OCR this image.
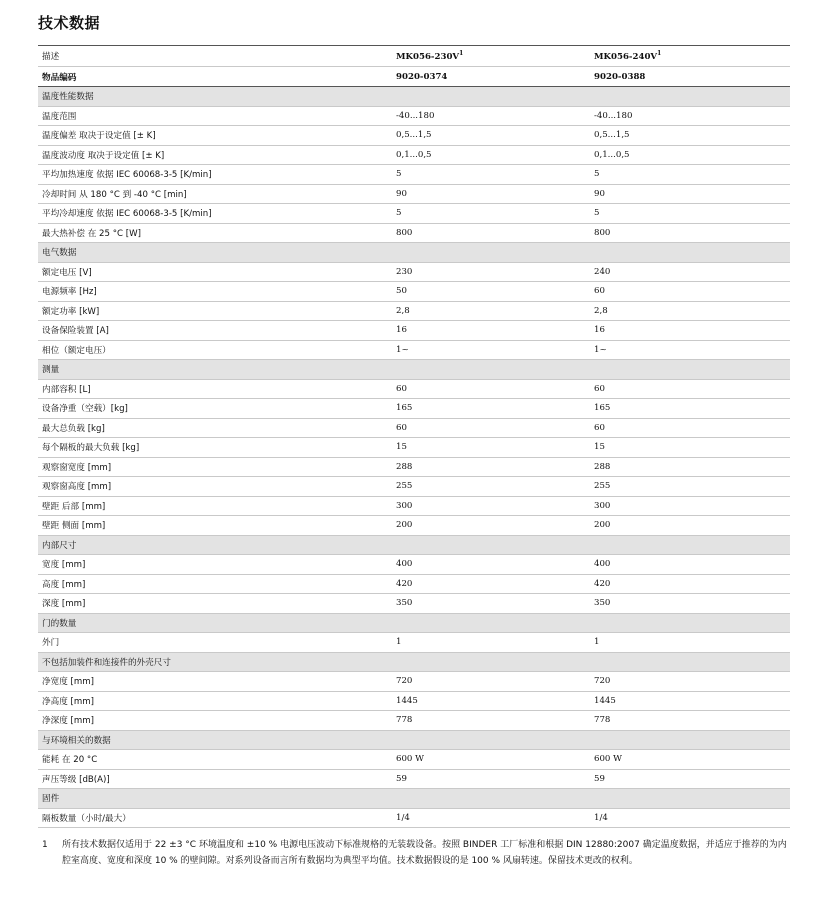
技术数据
描述	$MK056-230V^1$	$MK056-240V^1$
物品编码	9020-0374	9020-0388
温度性能数据
温度范围	-40...180	-40...180
温度偏差 取决于设定值 [± K]	0,5...1,5	0,5...1,5
温度波动度 取决于设定值 [± K]	0,1...0,5	0,1...0,5
平均加热速度 依据 IEC 60068-3-5 [K/min]	5	5
冷却时间 从 180 °C 到 -40 °C [min]	90	90
平均冷却速度 依据 IEC 60068-3-5 [K/min]	5	5
最大热补偿 在 25 °C [W]	800	800
电气数据
额定电压 [V]	230	240
电源频率 [Hz]	50	60
额定功率 [kW]	2,8	2,8
设备保险装置 [A]	16	16
相位（额定电压）	1~	1~
测量
内部容积 [L]	60	60
设备净重（空载）[kg]	165	165
最大总负载 [kg]	60	60
每个隔板的最大负载 [kg]	15	15
观察窗宽度 [mm]	288	288
观察窗高度 [mm]	255	255
壁距 后部 [mm]	300	300
壁距 侧面 [mm]	200	200
内部尺寸
宽度 [mm]	400	400
高度 [mm]	420	420
深度 [mm]	350	350
门的数量
外门	1	1
不包括加装件和连接件的外壳尺寸
净宽度 [mm]	720	720
净高度 [mm]	1445	1445
净深度 [mm]	778	778
与环境相关的数据
能耗 在 20 °C	600 W	600 W
声压等级 [dB(A)]	59	59
固件
隔板数量（小时/最大）	1/4	1/4
1	所有技术数据仅适用于 22 ±3 °C 环境温度和 ±10 % 电源电压波动下标准规格的无装载设备。按照 BINDER 工厂标准和根据 DIN 12880:2007 确定温度数据，并适应于推荐的为内腔室高度、宽度和深度 10 % 的壁间隙。对系列设备而言所有数据均为典型平均值。技术数据假设的是 100 % 风扇转速。保留技术更改的权利。
